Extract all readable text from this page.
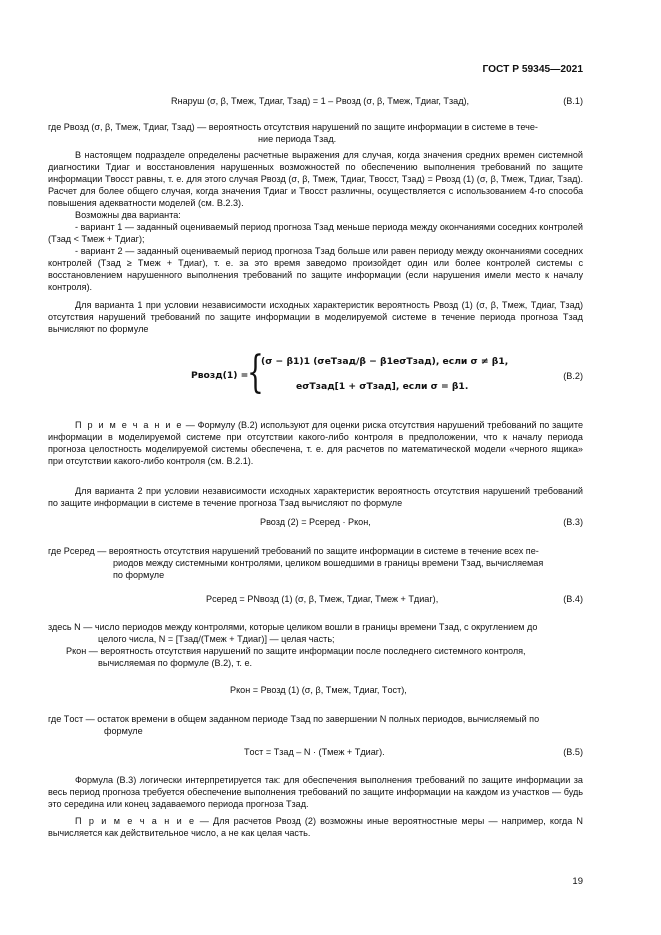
ГОСТ Р 59345—2021
Rнаруш (σ, β, Tмеж, Tдиаг, Tзад) = 1 – Pвозд (σ, β, Tмеж, Tдиаг, Tзад),	(В.1)
где Pвозд (σ, β, Tмеж, Tдиаг, Tзад) — вероятность отсутствия нарушений по защите информации в системе в тече-
ние периода Tзад.
В настоящем подразделе определены расчетные выражения для случая, когда значения средних времен системной диагностики Tдиаг и восстановления нарушенных возможностей по обеспечению выполнения требований по защите информации Tвосст равны, т. е. для этого случая Pвозд (σ, β, Tмеж, Tдиаг, Tвосст, Tзад) = Pвозд (1) (σ, β, Tмеж, Tдиаг, Tзад). Расчет для более общего случая, когда значения Tдиаг и Tвосст различны, осуществляется с использованием 4-го способа повышения адекватности моделей (см. В.2.3).
Возможны два варианта:
- вариант 1 — заданный оцениваемый период прогноза Tзад меньше периода между окончаниями соседних контролей (Tзад < Tмеж + Tдиаг);
- вариант 2 — заданный оцениваемый период прогноза Tзад больше или равен периоду между окончаниями соседних контролей (Tзад ≥ Tмеж + Tдиаг), т. е. за это время заведомо произойдет один или более контролей системы с восстановлением нарушенного выполнения требований по защите информации (если нарушения имели место к началу контроля).
Для варианта 1 при условии независимости исходных характеристик вероятность Pвозд (1) (σ, β, Tмеж, Tдиаг, Tзад) отсутствия нарушений требований по защите информации в моделируемой системе в течение периода прогноза Tзад вычисляют по формуле
Pвозд(1) =
{
(σ − β1)1 (σeTзад/β − β1eσTзад), если σ ≠ β1,
eσTзад[1 + σTзад], если σ = β1.
(В.2)
П р и м е ч а н и е — Формулу (В.2) используют для оценки риска отсутствия нарушений требований по защите информации в моделируемой системе при отсутствии какого-либо контроля в предположении, что к началу периода прогноза целостность моделируемой системы обеспечена, т. е. для расчетов по математической модели «черного ящика» при отсутствии какого-либо контроля (см. В.2.1).
Для варианта 2 при условии независимости исходных характеристик вероятность отсутствия нарушений требований по защите информации в системе в течение прогноза Tзад вычисляют по формуле
Pвозд (2) = Pсеред · Pкон,	(В.3)
где Pсеред — вероятность отсутствия нарушений требований по защите информации в системе в течение всех пе-
риодов между системными контролями, целиком вошедшими в границы времени Tзад, вычисляемая
по формуле
Pсеред = PNвозд (1) (σ, β, Tмеж, Tдиаг, Tмеж + Tдиаг),	(В.4)
здесь N — число периодов между контролями, которые целиком вошли в границы времени Tзад, с округлением до
целого числа, N = [Tзад/(Tмеж + Tдиаг)] — целая часть;
Pкон — вероятность отсутствия нарушений по защите информации после последнего системного контроля,
вычисляемая по формуле (В.2), т. е.
Pкон = Pвозд (1) (σ, β, Tмеж, Tдиаг, Tост),
где Tост — остаток времени в общем заданном периоде Tзад по завершении N полных периодов, вычисляемый по
формуле
Tост = Tзад – N · (Tмеж + Tдиаг).	(В.5)
Формула (В.3) логически интерпретируется так: для обеспечения выполнения требований по защите информации за весь период прогноза требуется обеспечение выполнения требований по защите информации на каждом из участков — будь это середина или конец задаваемого периода прогноза Tзад.
П р и м е ч а н и е — Для расчетов Pвозд (2) возможны иные вероятностные меры — например, когда N вычисляется как действительное число, а не как целая часть.
19
